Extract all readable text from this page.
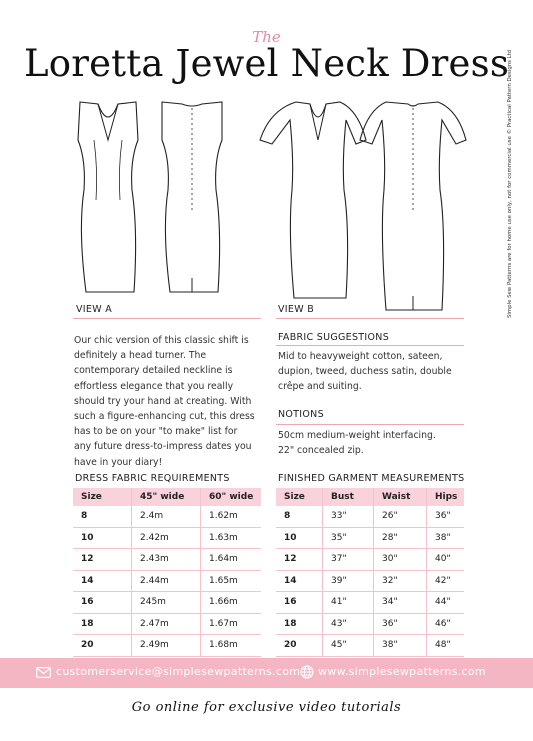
The
Loretta Jewel Neck Dress
VIEW A	VIEW B
Our chic version of this classic shift is definitely a head turner. The contemporary detailed neckline is effortless elegance that you really should try your hand at creating. With such a figure-enhancing cut, this dress has to be on your "to make" list for any future dress-to-impress dates you have in your diary!
FABRIC SUGGESTIONS
Mid to heavyweight cotton, sateen, dupion, tweed, duchess satin, double crêpe and suiting.
NOTIONS
50cm medium-weight interfacing.
22" concealed zip.
DRESS FABRIC REQUIREMENTS
Size	45" wide	60" wide
8	2.4m	1.62m
10	2.42m	1.63m
12	2.43m	1.64m
14	2.44m	1.65m
16	245m	1.66m
18	2.47m	1.67m
20	2.49m	1.68m
FINISHED GARMENT MEASUREMENTS
Size	Bust	Waist	Hips
8	33"	26"	36"
10	35"	28"	38"
12	37"	30"	40"
14	39"	32"	42"
16	41"	34"	44"
18	43"	36"	46"
20	45"	38"	48"
Simple Sew Patterns are for home use only, not for commercial use © Practical Pattern Designs Ltd
customerservice@simplesewpatterns.com www.simplesewpatterns.com
Go online for exclusive video tutorials
